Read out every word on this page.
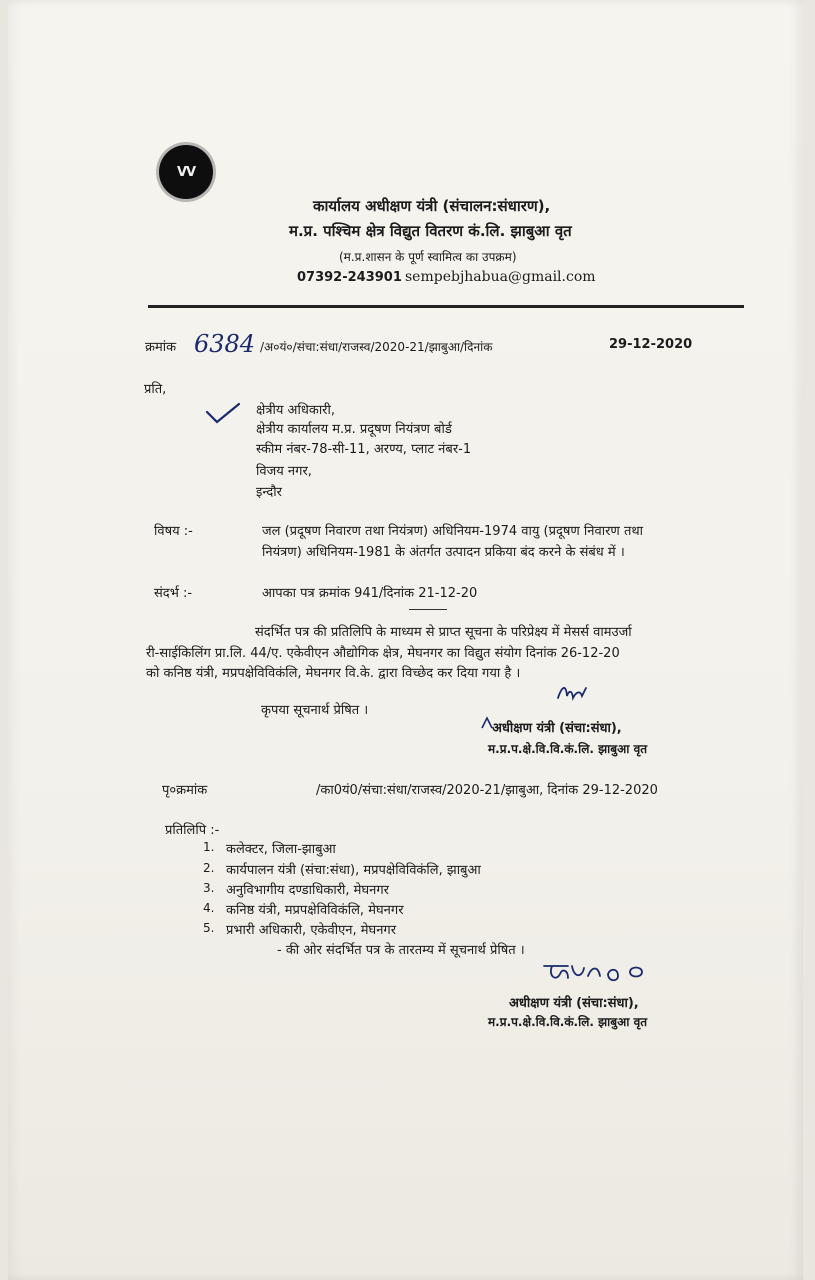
VV
कार्यालय अधीक्षण यंत्री (संचालन:संधारण),
म.प्र. पश्चिम क्षेत्र विद्युत वितरण कं.लि. झाबुआ वृत
(म.प्र.शासन के पूर्ण स्वामित्व का उपक्रम)
07392-243901 sempebjhabua@gmail.com
क्रमांक 6384 /अ०यं०/संचा:संधा/राजस्व/2020-21/झाबुआ/दिनांक	29-12-2020
प्रति,
क्षेत्रीय अधिकारी,
क्षेत्रीय कार्यालय म.प्र. प्रदूषण नियंत्रण बोर्ड
स्कीम नंबर-78-सी-11, अरण्य, प्लाट नंबर-1
विजय नगर,
इन्दौर
विषय :-	जल (प्रदूषण निवारण तथा नियंत्रण) अधिनियम-1974 वायु (प्रदूषण निवारण तथा
नियंत्रण) अधिनियम-1981 के अंतर्गत उत्पादन प्रकिया बंद करने के संबंध में ।
संदर्भ :-	आपका पत्र क्रमांक 941/दिनांक 21-12-20
संदर्भित पत्र की प्रतिलिपि के माध्यम से प्राप्त सूचना के परिप्रेक्ष्य में मेसर्स वामउर्जा
री-साईकिलिंग प्रा.लि. 44/ए. एकेवीएन औद्योगिक क्षेत्र, मेघनगर का विद्युत संयोग दिनांक 26-12-20
को कनिष्ठ यंत्री, मप्रपक्षेविविकंलि, मेघनगर वि.के. द्वारा विच्छेद कर दिया गया है ।
कृपया सूचनार्थ प्रेषित ।
अधीक्षण यंत्री (संचा:संधा),
म.प्र.प.क्षे.वि.वि.कं.लि. झाबुआ वृत
पृ०क्रमांक	/का0यं0/संचा:संधा/राजस्व/2020-21/झाबुआ, दिनांक 29-12-2020
प्रतिलिपि :-
1. कलेक्टर, जिला-झाबुआ
2. कार्यपालन यंत्री (संचा:संधा), मप्रपक्षेविविकंलि, झाबुआ
3. अनुविभागीय दण्डाधिकारी, मेघनगर
4. कनिष्ठ यंत्री, मप्रपक्षेविविकंलि, मेघनगर
5. प्रभारी अधिकारी, एकेवीएन, मेघनगर
- की ओर संदर्भित पत्र के तारतम्य में सूचनार्थ प्रेषित ।
अधीक्षण यंत्री (संचा:संधा),
म.प्र.प.क्षे.वि.वि.कं.लि. झाबुआ वृत
